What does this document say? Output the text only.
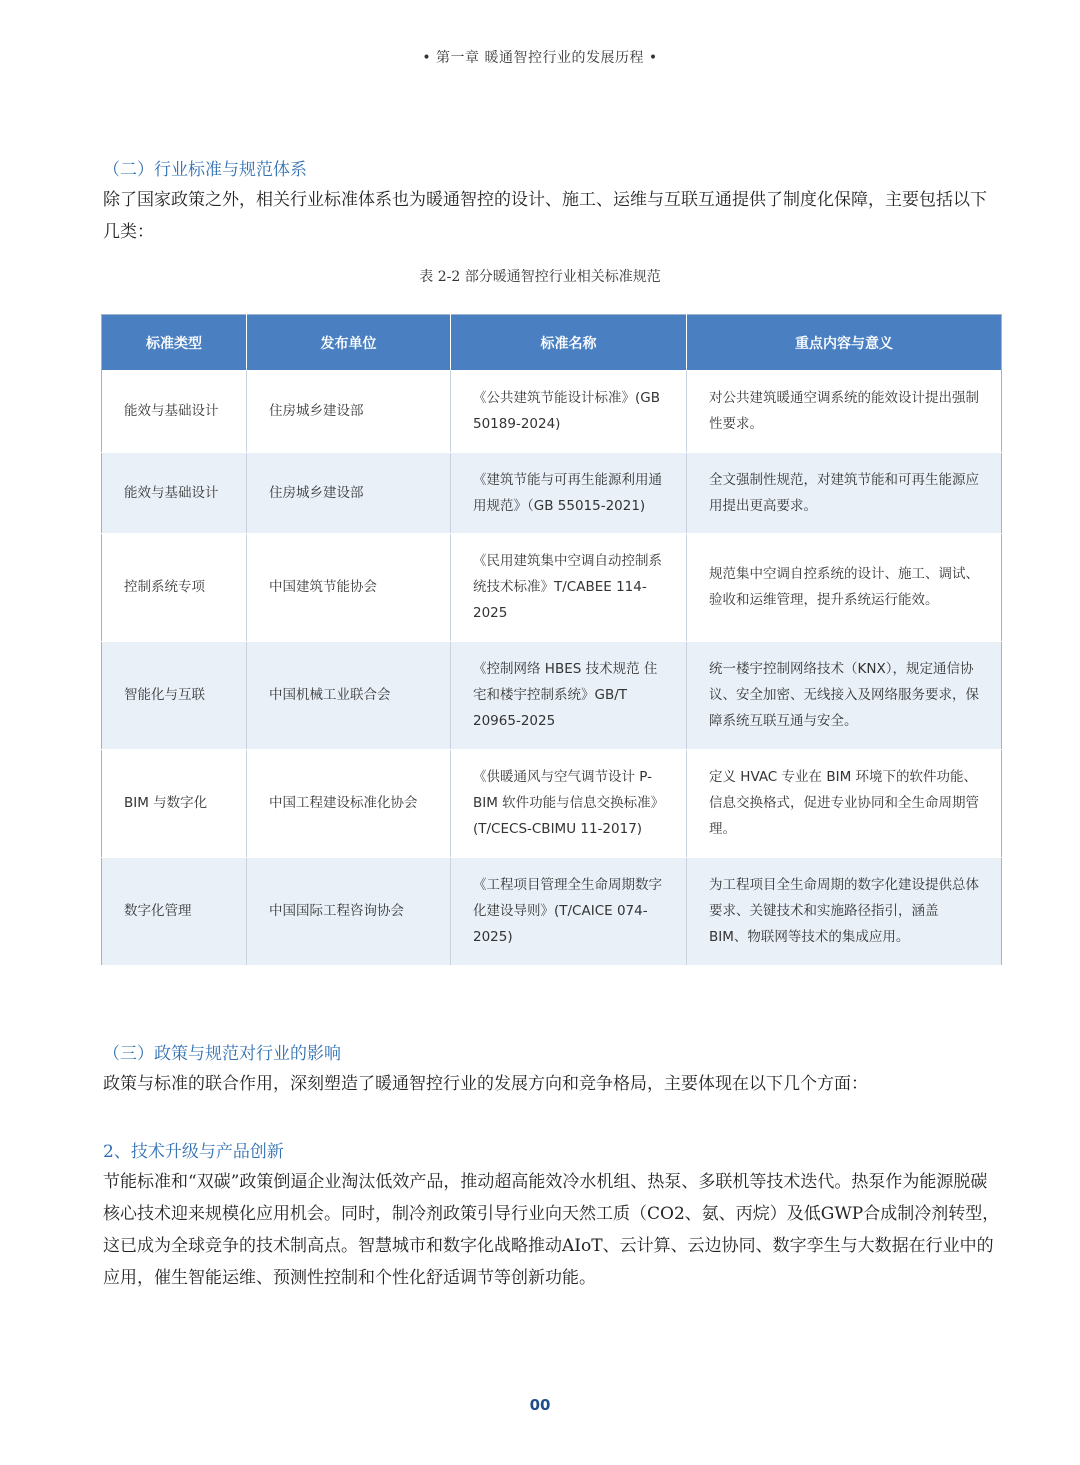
• 第一章 暖通智控行业的发展历程 •
（二）行业标准与规范体系

除了国家政策之外，相关行业标准体系也为暖通智控的设计、施工、运维与互联互通提供了制度化保障，主要包括以下几类：

表 2-2 部分暖通智控行业相关标准规范
标准类型	发布单位	标准名称	重点内容与意义
能效与基础设计	住房城乡建设部	《公共建筑节能设计标准》(GB 50189-2024)	对公共建筑暖通空调系统的能效设计提出强制性要求。
能效与基础设计	住房城乡建设部	《建筑节能与可再生能源利用通用规范》（GB 55015-2021)	全文强制性规范，对建筑节能和可再生能源应用提出更高要求。
控制系统专项	中国建筑节能协会	《民用建筑集中空调自动控制系统技术标准》T/CABEE 114-2025	规范集中空调自控系统的设计、施工、调试、验收和运维管理，提升系统运行能效。
智能化与互联	中国机械工业联合会	《控制网络 HBES 技术规范 住宅和楼宇控制系统》GB/T 20965-2025	统一楼宇控制网络技术（KNX），规定通信协议、安全加密、无线接入及网络服务要求，保障系统互联互通与安全。
BIM 与数字化	中国工程建设标准化协会	《供暖通风与空气调节设计 P-BIM 软件功能与信息交换标准》(T/CECS-CBIMU 11-2017)	定义 HVAC 专业在 BIM 环境下的软件功能、信息交换格式，促进专业协同和全生命周期管理。
数字化管理	中国国际工程咨询协会	《工程项目管理全生命周期数字化建设导则》(T/CAICE 074-2025)	为工程项目全生命周期的数字化建设提供总体要求、关键技术和实施路径指引，涵盖 BIM、物联网等技术的集成应用。
（三）政策与规范对行业的影响

政策与标准的联合作用，深刻塑造了暖通智控行业的发展方向和竞争格局，主要体现在以下几个方面：

2、技术升级与产品创新

节能标准和“双碳”政策倒逼企业淘汰低效产品，推动超高能效冷水机组、热泵、多联机等技术迭代。热泵作为能源脱碳核心技术迎来规模化应用机会。同时，制冷剂政策引导行业向天然工质（CO2、氨、丙烷）及低GWP合成制冷剂转型，这已成为全球竞争的技术制高点。智慧城市和数字化战略推动AIoT、云计算、云边协同、数字孪生与大数据在行业中的应用，催生智能运维、预测性控制和个性化舒适调节等创新功能。

00
